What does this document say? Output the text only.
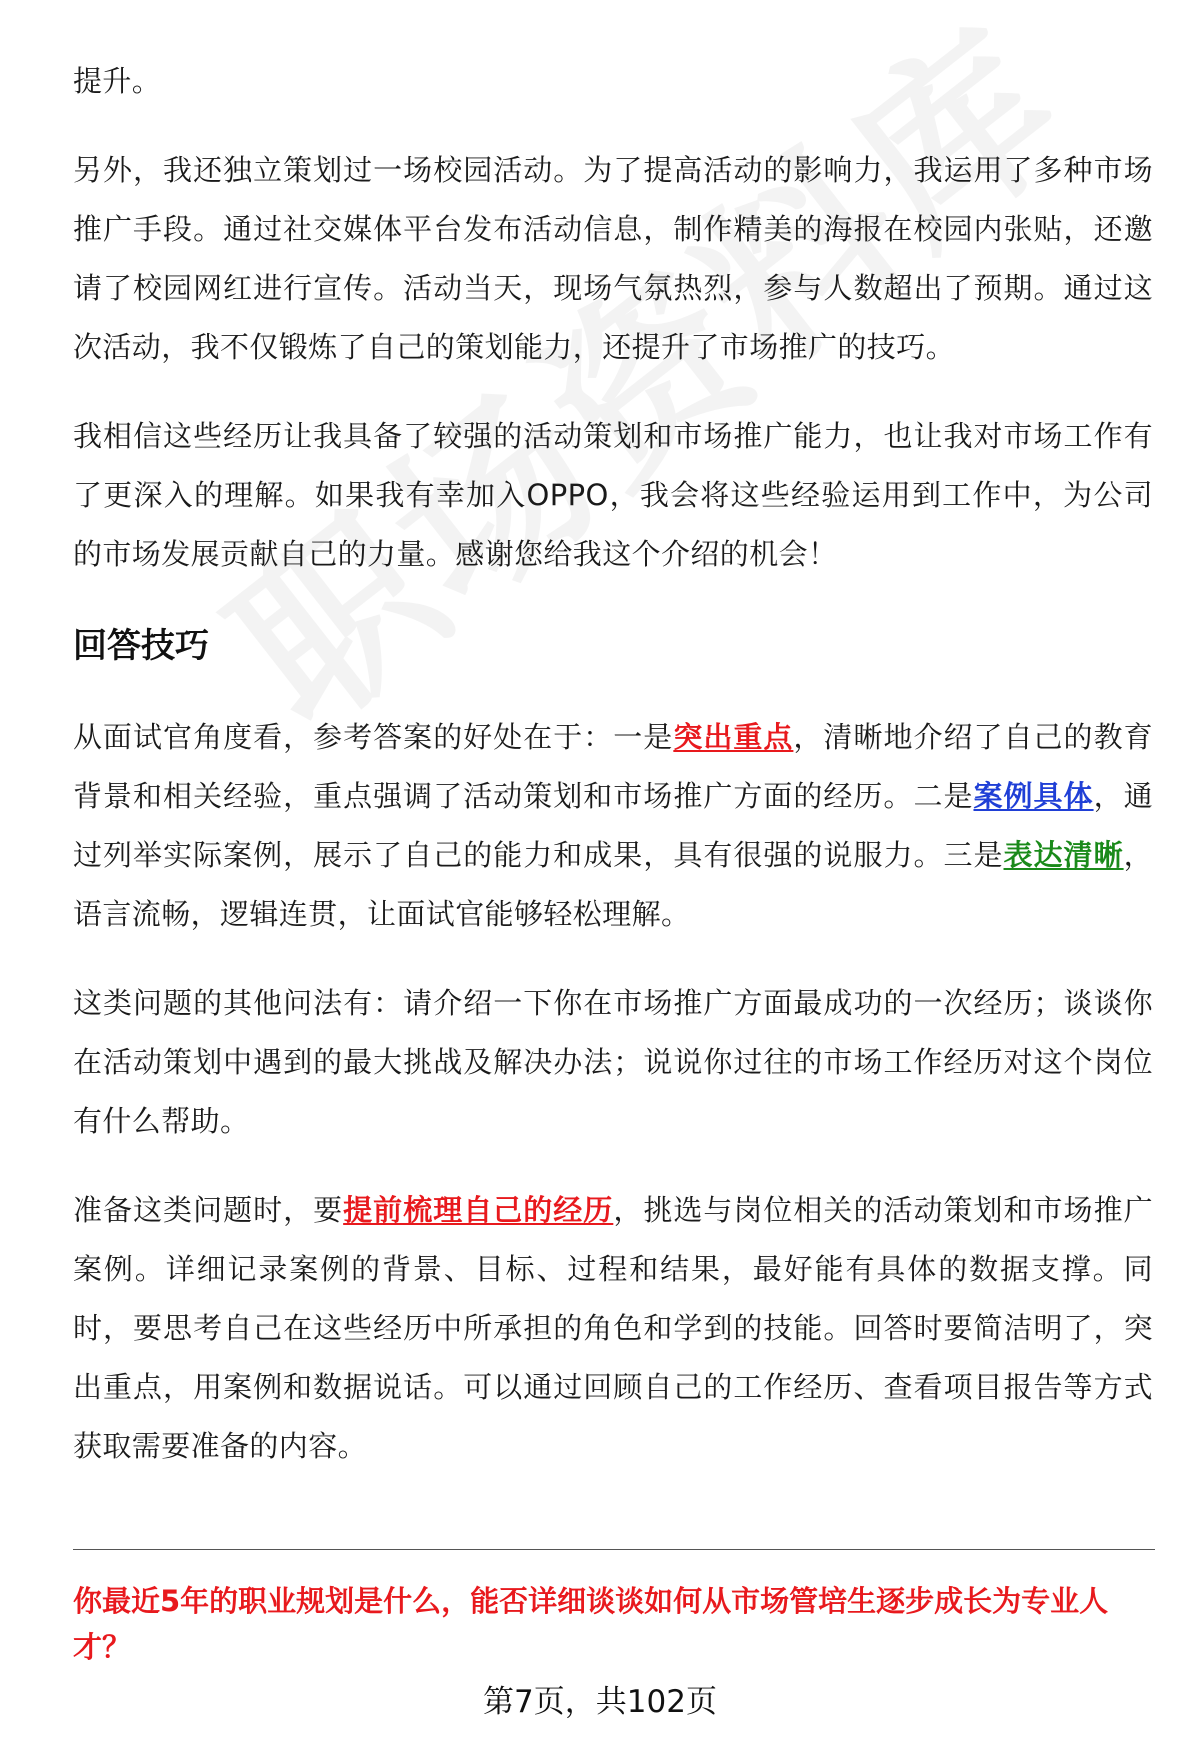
提升。

另外，我还独立策划过一场校园活动。为了提高活动的影响力，我运用了多种市场推广手段。通过社交媒体平台发布活动信息，制作精美的海报在校园内张贴，还邀请了校园网红进行宣传。活动当天，现场气氛热烈，参与人数超出了预期。通过这次活动，我不仅锻炼了自己的策划能力，还提升了市场推广的技巧。

我相信这些经历让我具备了较强的活动策划和市场推广能力，也让我对市场工作有了更深入的理解。如果我有幸加入OPPO，我会将这些经验运用到工作中，为公司的市场发展贡献自己的力量。感谢您给我这个介绍的机会！

回答技巧

从面试官角度看，参考答案的好处在于：一是突出重点，清晰地介绍了自己的教育背景和相关经验，重点强调了活动策划和市场推广方面的经历。二是案例具体，通过列举实际案例，展示了自己的能力和成果，具有很强的说服力。三是表达清晰，语言流畅，逻辑连贯，让面试官能够轻松理解。

这类问题的其他问法有：请介绍一下你在市场推广方面最成功的一次经历；谈谈你在活动策划中遇到的最大挑战及解决办法；说说你过往的市场工作经历对这个岗位有什么帮助。

准备这类问题时，要提前梳理自己的经历，挑选与岗位相关的活动策划和市场推广案例。详细记录案例的背景、目标、过程和结果，最好能有具体的数据支撑。同时，要思考自己在这些经历中所承担的角色和学到的技能。回答时要简洁明了，突出重点，用案例和数据说话。可以通过回顾自己的工作经历、查看项目报告等方式获取需要准备的内容。

你最近5年的职业规划是什么，能否详细谈谈如何从市场管培生逐步成长为专业人才？

第7页，共102页
